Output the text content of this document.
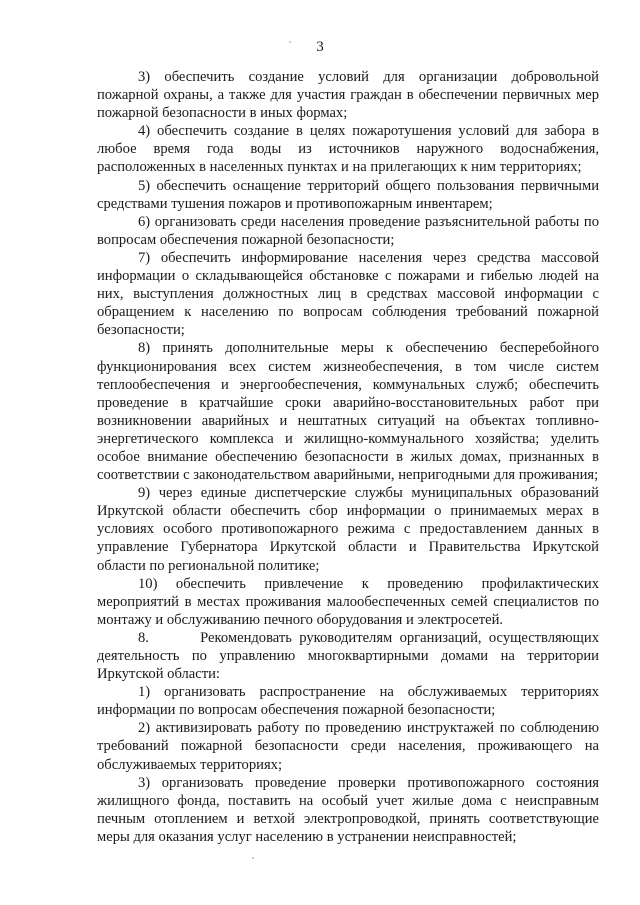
3

3) обеспечить создание условий для организации добровольной пожарной охраны, а также для участия граждан в обеспечении первичных мер пожарной безопасности в иных формах;

4) обеспечить создание в целях пожаротушения условий для забора в любое время года воды из источников наружного водоснабжения, расположенных в населенных пунктах и на прилегающих к ним территориях;

5) обеспечить оснащение территорий общего пользования первичными средствами тушения пожаров и противопожарным инвентарем;

6) организовать среди населения проведение разъяснительной работы по вопросам обеспечения пожарной безопасности;

7) обеспечить информирование населения через средства массовой информации о складывающейся обстановке с пожарами и гибелью людей на них, выступления должностных лиц в средствах массовой информации с обращением к населению по вопросам соблюдения требований пожарной безопасности;

8) принять дополнительные меры к обеспечению бесперебойного функционирования всех систем жизнеобеспечения, в том числе систем теплообеспечения и энергообеспечения, коммунальных служб; обеспечить проведение в кратчайшие сроки аварийно-восстановительных работ при возникновении аварийных и нештатных ситуаций на объектах топливно-энергетического комплекса и жилищно-коммунального хозяйства; уделить особое внимание обеспечению безопасности в жилых домах, признанных в соответствии с законодательством аварийными, непригодными для проживания;

9) через единые диспетчерские службы муниципальных образований Иркутской области обеспечить сбор информации о принимаемых мерах в условиях особого противопожарного режима с предоставлением данных в управление Губернатора Иркутской области и Правительства Иркутской области по региональной политике;

10) обеспечить привлечение к проведению профилактических мероприятий в местах проживания малообеспеченных семей специалистов по монтажу и обслуживанию печного оборудования и электросетей.

8.       Рекомендовать руководителям организаций, осуществляющих деятельность по управлению многоквартирными домами на территории Иркутской области:

1) организовать распространение на обслуживаемых территориях информации по вопросам обеспечения пожарной безопасности;

2) активизировать работу по проведению инструктажей по соблюдению требований пожарной безопасности среди населения, проживающего на обслуживаемых территориях;

3) организовать проведение проверки противопожарного состояния жилищного фонда, поставить на особый учет жилые дома с неисправным печным отоплением и ветхой электропроводкой, принять соответствующие меры для оказания услуг населению в устранении неисправностей;
